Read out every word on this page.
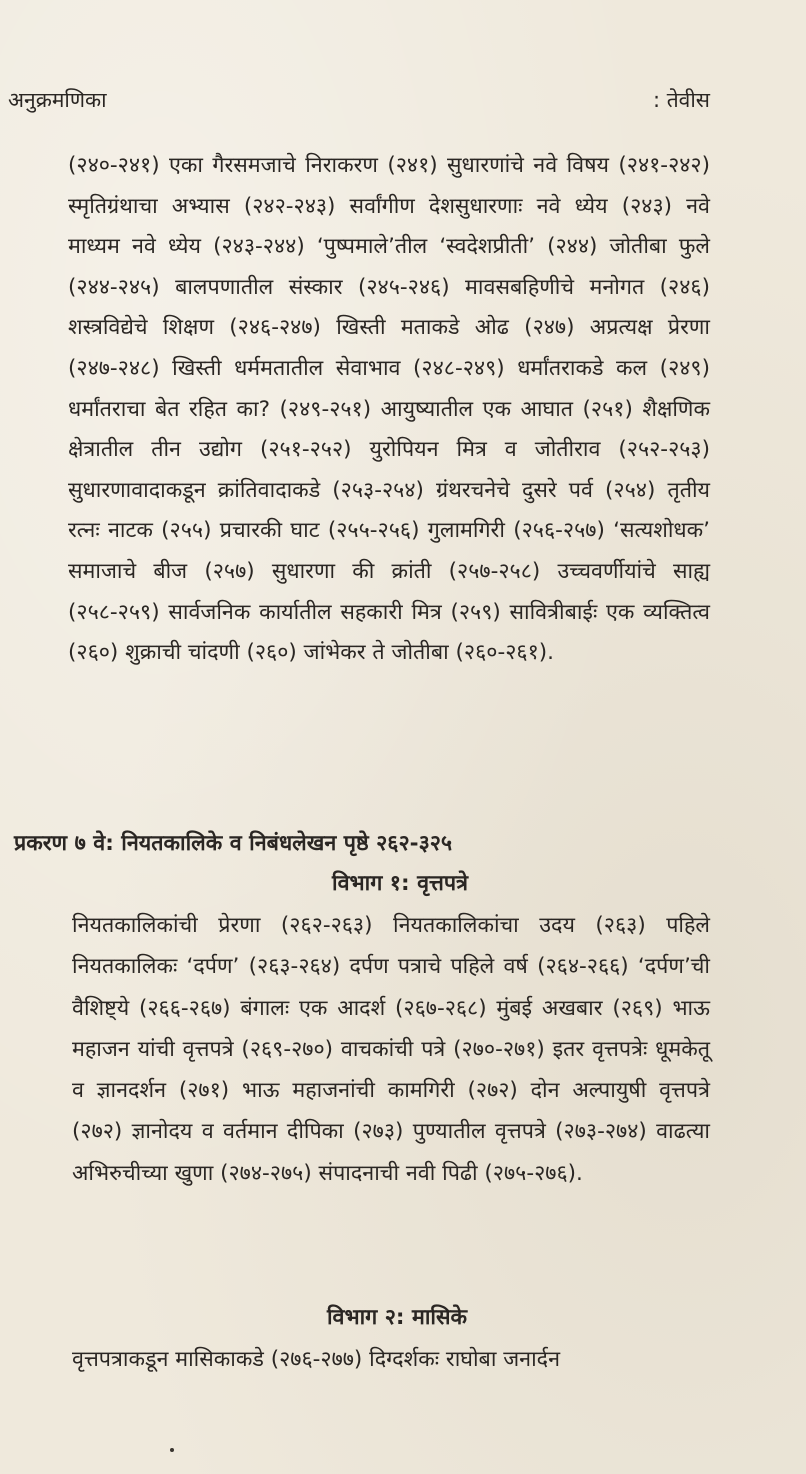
अनुक्रमणिका	: तेवीस
(२४०-२४१) एका गैरसमजाचे निराकरण (२४१) सुधारणांचे नवे विषय (२४१-२४२) स्मृतिग्रंथाचा अभ्यास (२४२-२४३) सर्वांगीण देशसुधारणाः नवे ध्येय (२४३) नवे माध्यम नवे ध्येय (२४३-२४४) ‘पुष्पमाले’तील ‘स्वदेशप्रीती’ (२४४) जोतीबा फुले (२४४-२४५) बालपणातील संस्कार (२४५-२४६) मावसबहिणीचे मनोगत (२४६) शस्त्रविद्येचे शिक्षण (२४६-२४७) खिस्ती मताकडे ओढ (२४७) अप्रत्यक्ष प्रेरणा (२४७-२४८) खिस्ती धर्ममतातील सेवाभाव (२४८-२४९) धर्मांतराकडे कल (२४९) धर्मांतराचा बेत रहित का? (२४९-२५१) आयुष्यातील एक आघात (२५१) शैक्षणिक क्षेत्रातील तीन उद्योग (२५१-२५२) युरोपियन मित्र व जोतीराव (२५२-२५३) सुधारणावादाकडून क्रांतिवादाकडे (२५३-२५४) ग्रंथरचनेचे दुसरे पर्व (२५४) तृतीय रत्नः नाटक (२५५) प्रचारकी घाट (२५५-२५६) गुलामगिरी (२५६-२५७) ‘सत्यशोधक’ समाजाचे बीज (२५७) सुधारणा की क्रांती (२५७-२५८) उच्चवर्णीयांचे साह्य (२५८-२५९) सार्वजनिक कार्यातील सहकारी मित्र (२५९) सावित्रीबाईः एक व्यक्तित्व (२६०) शुक्राची चांदणी (२६०) जांभेकर ते जोतीबा (२६०-२६१).
प्रकरण ७ वे: नियतकालिके व निबंधलेखन पृष्ठे २६२-३२५
विभाग १: वृत्तपत्रे
नियतकालिकांची प्रेरणा (२६२-२६३) नियतकालिकांचा उदय (२६३) पहिले नियतकालिकः ‘दर्पण’ (२६३-२६४) दर्पण पत्राचे पहिले वर्ष (२६४-२६६) ‘दर्पण’ची वैशिष्ट्ये (२६६-२६७) बंगालः एक आदर्श (२६७-२६८) मुंबई अखबार (२६९) भाऊ महाजन यांची वृत्तपत्रे (२६९-२७०) वाचकांची पत्रे (२७०-२७१) इतर वृत्तपत्रेः धूमकेतू व ज्ञानदर्शन (२७१) भाऊ महाजनांची कामगिरी (२७२) दोन अल्पायुषी वृत्तपत्रे (२७२) ज्ञानोदय व वर्तमान दीपिका (२७३) पुण्यातील वृत्तपत्रे (२७३-२७४) वाढत्या अभिरुचीच्या खुणा (२७४-२७५) संपादनाची नवी पिढी (२७५-२७६).
विभाग २: मासिके
वृत्तपत्राकडून मासिकाकडे (२७६-२७७) दिग्दर्शकः राघोबा जनार्दन
